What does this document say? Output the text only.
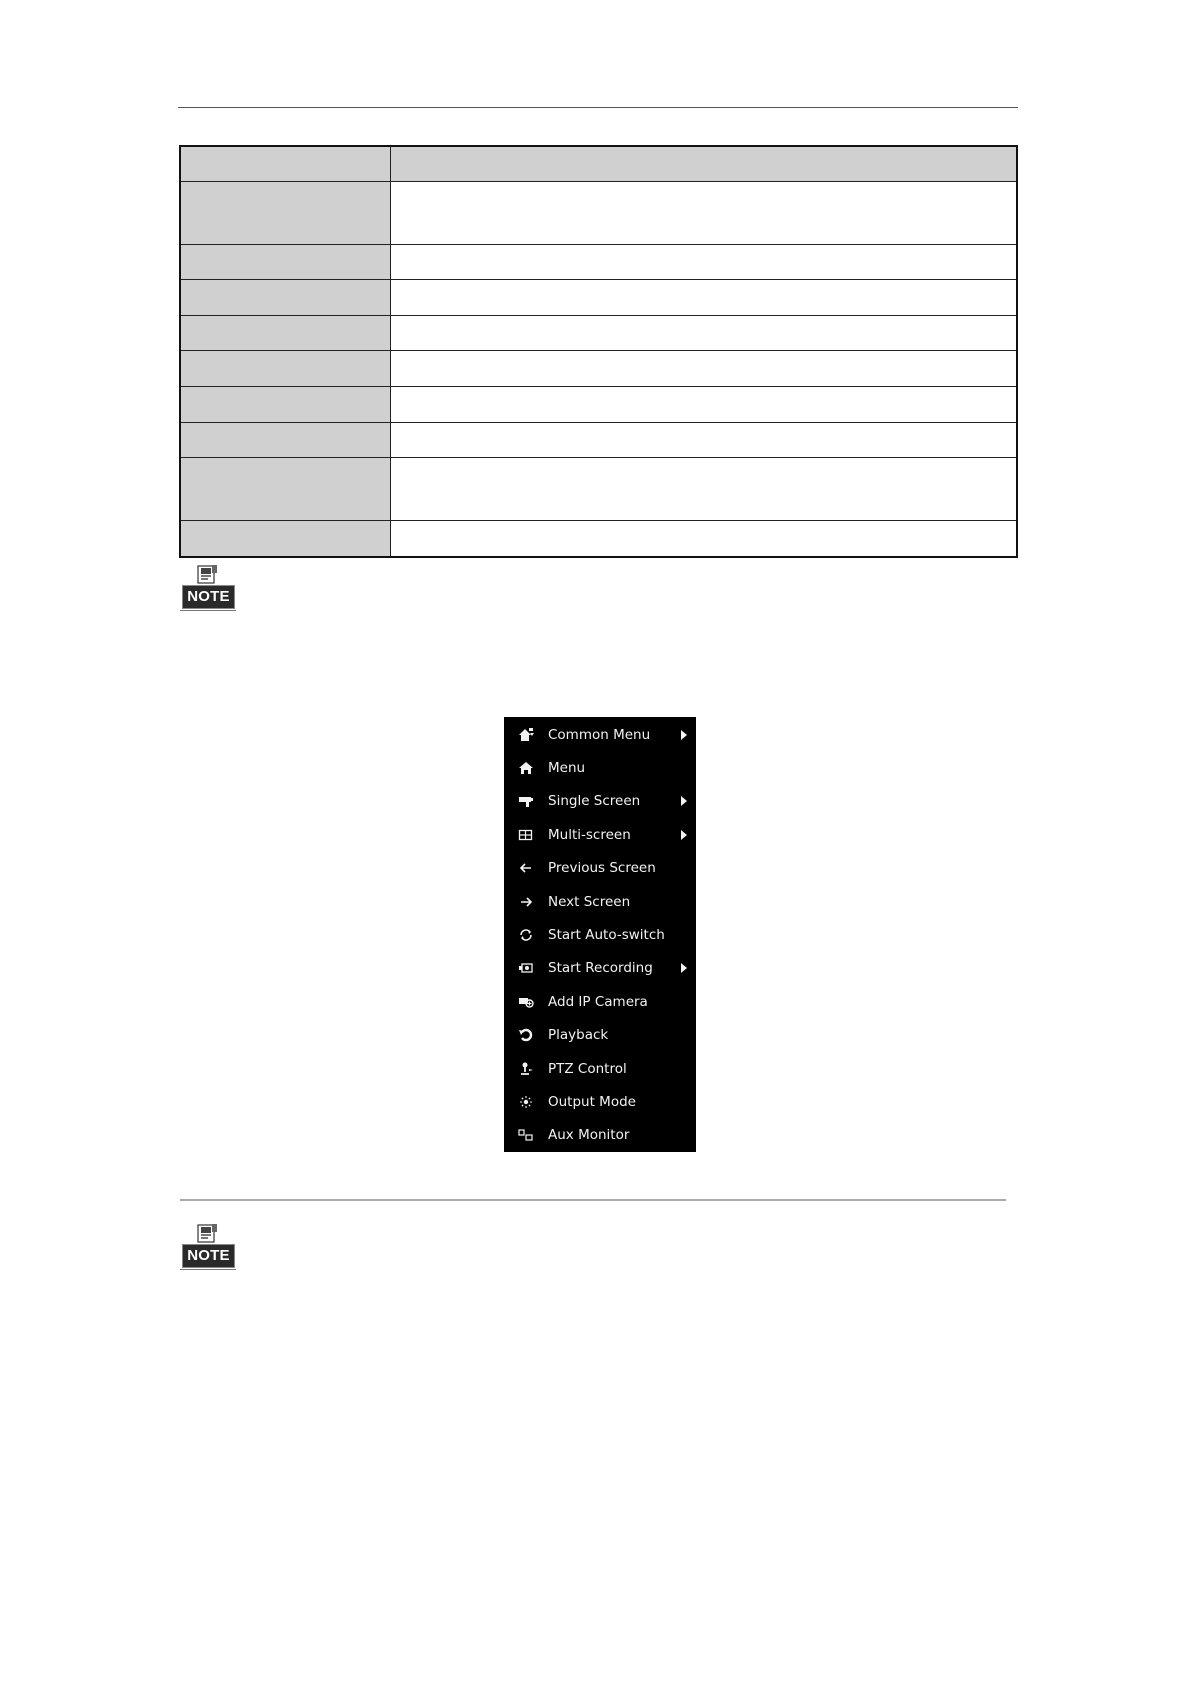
NOTE
Common Menu
Menu
Single Screen
Multi-screen
Previous Screen
Next Screen
Start Auto-switch
Start Recording
Add IP Camera
Playback
PTZ Control
Output Mode
Aux Monitor
NOTE
